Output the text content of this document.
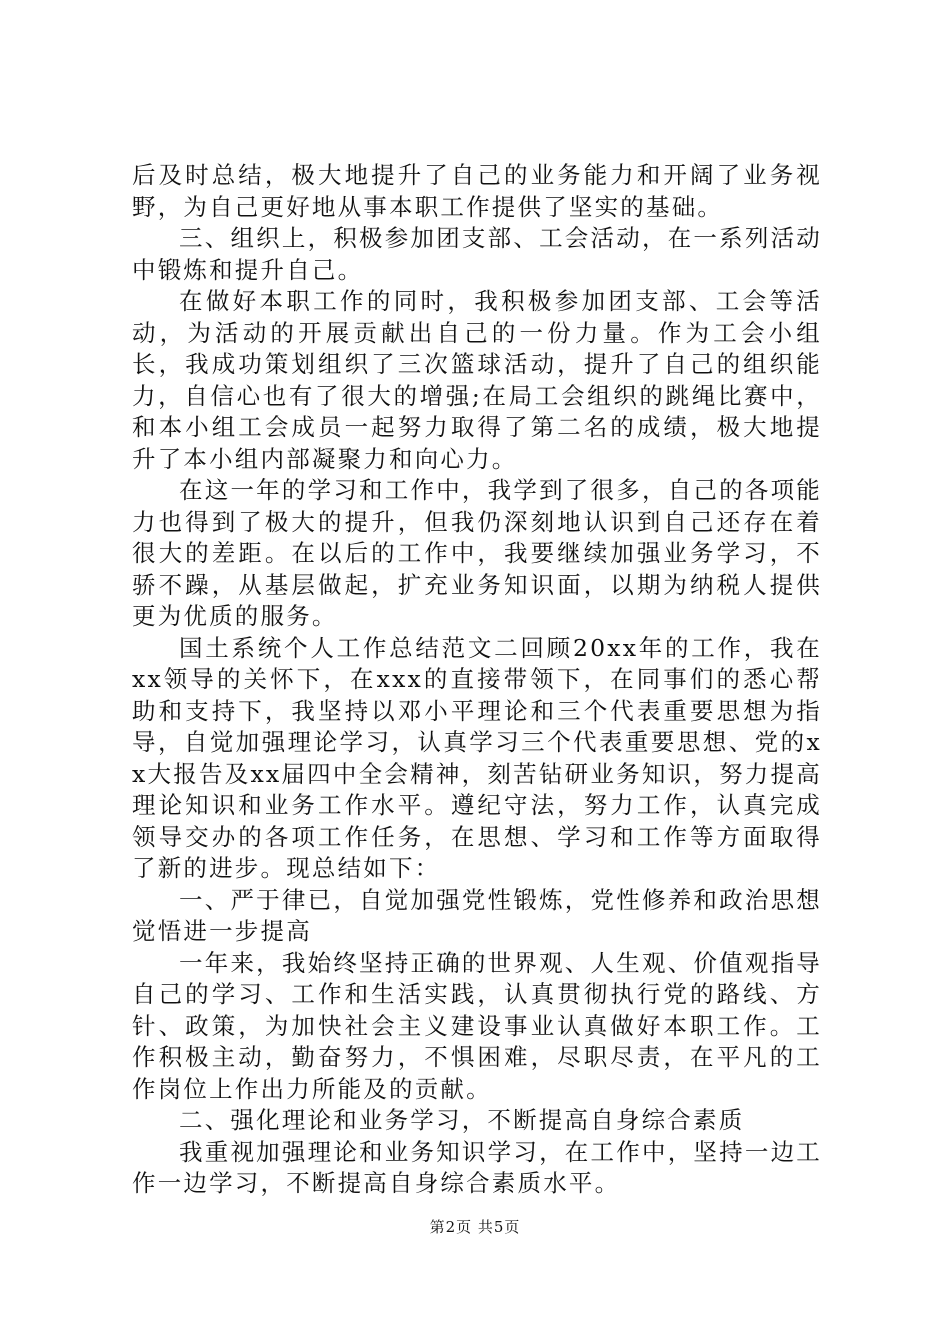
后及时总结，极大地提升了自己的业务能力和开阔了业务视野，为自己更好地从事本职工作提供了坚实的基础。

三、组织上，积极参加团支部、工会活动，在一系列活动中锻炼和提升自己。

在做好本职工作的同时，我积极参加团支部、工会等活动，为活动的开展贡献出自己的一份力量。作为工会小组长，我成功策划组织了三次篮球活动，提升了自己的组织能力，自信心也有了很大的增强;在局工会组织的跳绳比赛中，和本小组工会成员一起努力取得了第二名的成绩，极大地提升了本小组内部凝聚力和向心力。

在这一年的学习和工作中，我学到了很多，自己的各项能力也得到了极大的提升，但我仍深刻地认识到自己还存在着很大的差距。在以后的工作中，我要继续加强业务学习，不骄不躁，从基层做起，扩充业务知识面，以期为纳税人提供更为优质的服务。

国土系统个人工作总结范文二回顾20xx年的工作，我在xx领导的关怀下，在xxx的直接带领下，在同事们的悉心帮助和支持下，我坚持以邓小平理论和三个代表重要思想为指导，自觉加强理论学习，认真学习三个代表重要思想、党的xx大报告及xx届四中全会精神，刻苦钻研业务知识，努力提高理论知识和业务工作水平。遵纪守法，努力工作，认真完成领导交办的各项工作任务，在思想、学习和工作等方面取得了新的进步。现总结如下：

一、严于律已，自觉加强党性锻炼，党性修养和政治思想觉悟进一步提高

一年来，我始终坚持正确的世界观、人生观、价值观指导自己的学习、工作和生活实践，认真贯彻执行党的路线、方针、政策，为加快社会主义建设事业认真做好本职工作。工作积极主动，勤奋努力，不惧困难，尽职尽责，在平凡的工作岗位上作出力所能及的贡献。

二、强化理论和业务学习，不断提高自身综合素质

我重视加强理论和业务知识学习，在工作中，坚持一边工作一边学习，不断提高自身综合素质水平。

第2页 共5页
